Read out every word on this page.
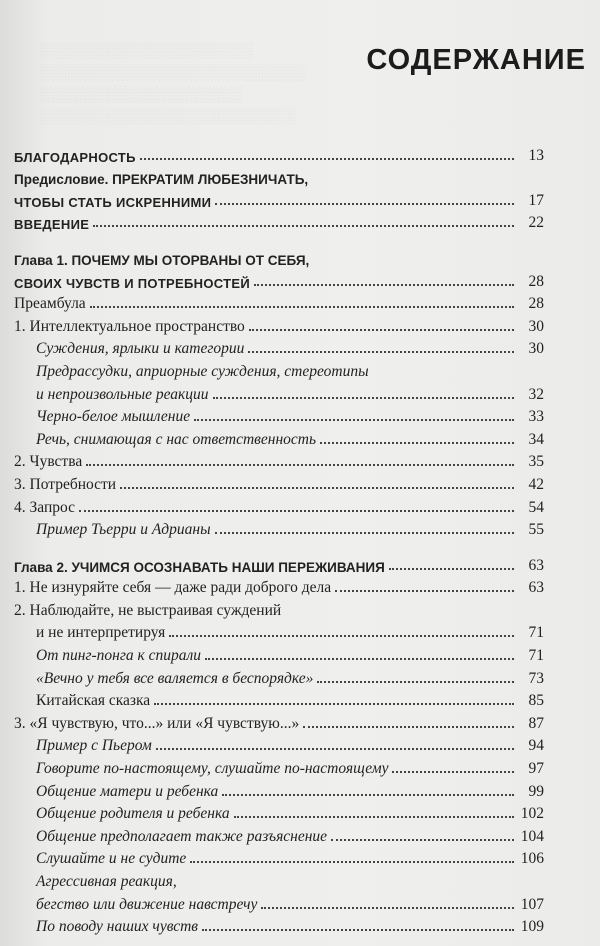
░░░░░░░░░░░░░░░░░░░░
░░░░░░░░░░░░░░░░░░░░░░░░░
░░░░░░░░░░░░░░░░░░░
░░░░░░░░░░░░░░░░░░░░░░░░
СОДЕРЖАНИЕ
БЛАГОДАРНОСТЬ	13
Предисловие. ПРЕКРАТИМ ЛЮБЕЗНИЧАТЬ,
ЧТОБЫ СТАТЬ ИСКРЕННИМИ	17
ВВЕДЕНИЕ	22
Глава 1. ПОЧЕМУ МЫ ОТОРВАНЫ ОТ СЕБЯ,
СВОИХ ЧУВСТВ И ПОТРЕБНОСТЕЙ	28
Преамбула	28
1. Интеллектуальное пространство	30
Суждения, ярлыки и категории	30
Предрассудки, априорные суждения, стереотипы
и непроизвольные реакции	32
Черно-белое мышление	33
Речь, снимающая с нас ответственность	34
2. Чувства	35
3. Потребности	42
4. Запрос	54
Пример Тьерри и Адрианы	55
Глава 2. УЧИМСЯ ОСОЗНАВАТЬ НАШИ ПЕРЕЖИВАНИЯ	63
1. Не изнуряйте себя — даже ради доброго дела	63
2. Наблюдайте, не выстраивая суждений
и не интерпретируя	71
От пинг-понга к спирали	71
«Вечно у тебя все валяется в беспорядке»	73
Китайская сказка	85
3. «Я чувствую, что...» или «Я чувствую...»	87
Пример с Пьером	94
Говорите по-настоящему, слушайте по-настоящему	97
Общение матери и ребенка	99
Общение родителя и ребенка	102
Общение предполагает также разъяснение	104
Слушайте и не судите	106
Агрессивная реакция,
бегство или движение навстречу	107
По поводу наших чувств	109
